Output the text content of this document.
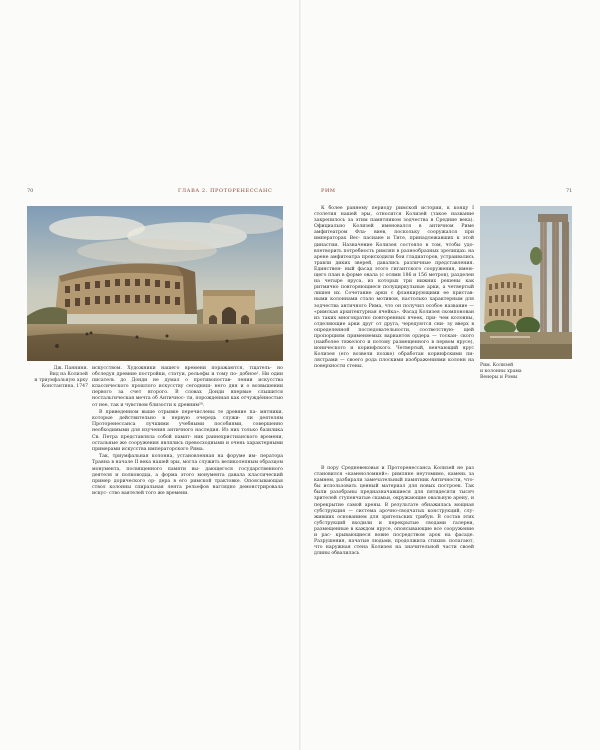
70	ГЛАВА 2. ПРОТОРЕНЕССАНС
Дж. Паннини.
Вид на Колизей
и триумфальную арку
Константина. 1747

искусством. Художники нашего времени поражаются, тщатель- но обследуя древние постройки, статуи, рельефы и тому по- добное¹. Ни один писатель до Донди не думал о противопостав- лении искусства классического прошлого искусству сегодняш- него дня и о возвышении первого за счет второго. В словах Донди впервые слышится ностальгическая мечта об Античнос- ти, порожденная как отчуждённостью от нее, так и чувством близости к древним²⁰.

В приведенном выше отрывке перечислены те древние па- мятники, которые действительно в первую очередь служи- ли деятелям Проторенессанса лучшими учебными пособиями, совершенно необходимыми для изучения античного наследия. Из них только базилика Св. Петра представляла собой памят- ник раннехристианского времени, остальные же сооружения являлись превосходными и очень характерными примерами искусства императорского Рима.

Так, триумфальная колонна, установленная на форуме им- ператора Траяна в начале II века нашей эры, могла служить великолепным образцом монумента, посвященного памяти вы- дающегося государственного деятеля и полководца, а форма этого монумента давала классический пример дорического ор- дера в его римской трактовке. Опоясывающая ствол колонны спиральная лента рельефов наглядно демонстрировала искус- ство ваятелей того же времени.

РИМ	71

К более раннему периоду римской истории, к концу I столетия нашей эры, относится Колизей (такое название закрепилось за этим памятником зодчества в Средние века). Официально Колизей именовался в античном Риме амфитеатром Фла- виев, поскольку сооружался при императорах Вес- пасиане и Тите, принадлежавших к этой династии. Назначение Колизея состояло в том, чтобы удо- влетворить потребность римлян в разнообразных зрелищах: на арене амфитеатра происходили бои гладиаторов, устраивались травли диких зверей, давались различные представления. Единствен- ный фасад этого гигантского сооружения, имею- щего план в форме овала (с осями 186 и 156 метров), разделен на четыре яруса, из которых три нижних решены как ритмично повторяющиеся полуциркульные арки, а четвертый лишен их. Сочетание арки с фланкирующими ее пристав- ными колоннами стало мотивом, настолько характерным для зодчества античного Рима, что он получил особое название — «римская архитектурная ячейка». Фасад Колизея скомпонован из таких многократно повторенных ячеек, при- чем колонны, отделяющие арки друг от друга, чередуются сни- зу вверх в определенной последовательности, соответствую- щей пропорциям применяемых вариантов ордера — тоскан- ского (наиболее тяжелого и потому размещенного в первом ярусе), ионического и коринфского. Четвертый, венчающий ярус Колизея (его возвели позже) обработан коринфскими пи- лястрами — своего рода плоскими изображениями колонн на поверхности стены.	Рим. Колизей
и колонны храма
Венеры и Ромы

В пору Средневековья и Проторенессанса Колизей не раз становился «каменоломней»: римляне неутомимо, камень за камнем, разбирали замечательный памятник Античности, что- бы использовать ценный материал для новых построек. Так были разобраны предназначавшиеся для пятидесяти тысяч зрителей ступенчатые скамьи, окружающие овальную арену, и перекрытие самой арены. В результате обнажилась мощная субструкция — система арочно-сводчатых конструкций, слу- живших основанием для зрительских трибун. В состав этих субструкций входили и перекрытые сводами галереи, размещенные в каждом ярусе, опоясывающие все сооружение и рас- крывающиеся вовне посредством арок на фасаде. Разрушения, начатые людьми, продолжила стихия: полагают, что наружная стена Колизея на значительной части своей длины обвалилась
